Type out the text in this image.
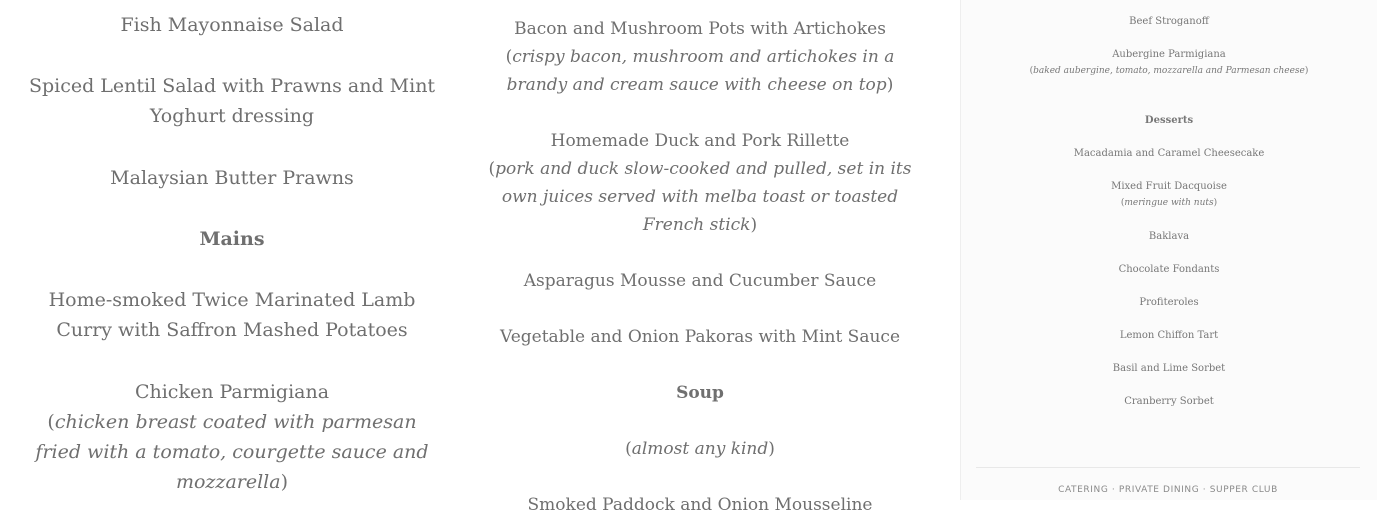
Fish Mayonnaise Salad
Spiced Lentil Salad with Prawns and Mint Yoghurt dressing
Malaysian Butter Prawns
Mains
Home-smoked Twice Marinated Lamb Curry with Saffron Mashed Potatoes
Chicken Parmigiana
(chicken breast coated with parmesan fried with a tomato, courgette sauce and mozzarella)
Bacon and Mushroom Pots with Artichokes
(crispy bacon, mushroom and artichokes in a brandy and cream sauce with cheese on top)
Homemade Duck and Pork Rillette
(pork and duck slow-cooked and pulled, set in its own juices served with melba toast or toasted French stick)
Asparagus Mousse and Cucumber Sauce
Vegetable and Onion Pakoras with Mint Sauce
Soup
(almost any kind)
Smoked Paddock and Onion Mousseline
Beef Stroganoff
Aubergine Parmigiana
(baked aubergine, tomato, mozzarella and Parmesan cheese)
Desserts
Macadamia and Caramel Cheesecake
Mixed Fruit Dacquoise
(meringue with nuts)
Baklava
Chocolate Fondants
Profiteroles
Lemon Chiffon Tart
Basil and Lime Sorbet
Cranberry Sorbet
CATERING · PRIVATE DINING · SUPPER CLUB
